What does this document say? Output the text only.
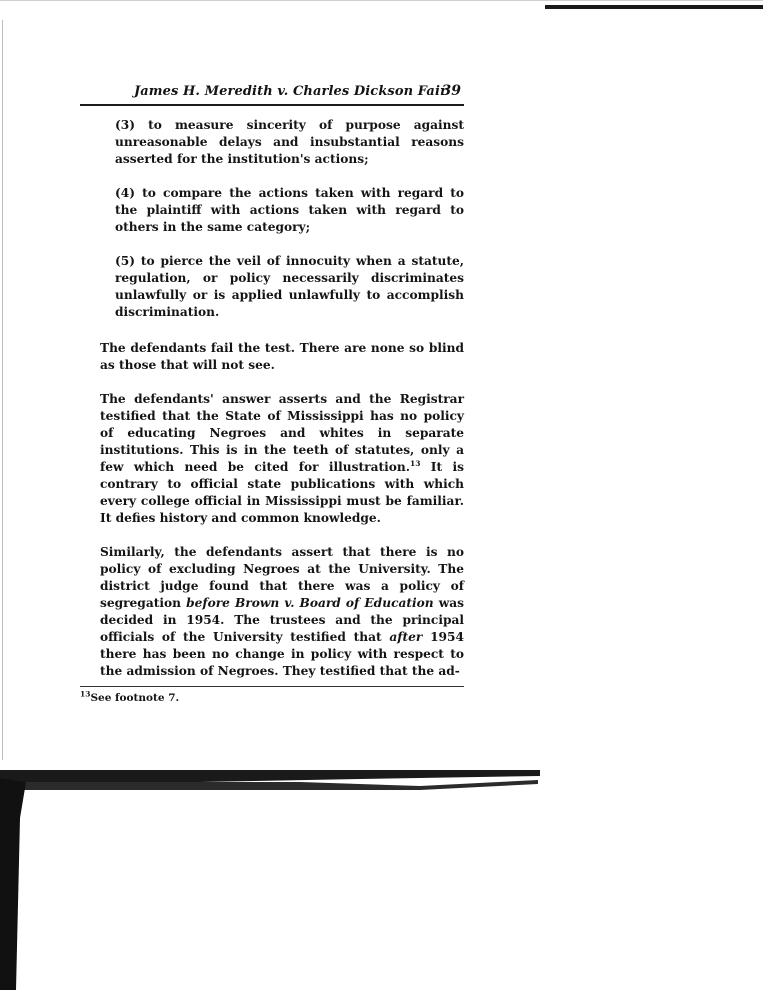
James H. Meredith v. Charles Dickson Fair
39
(3) to measure sincerity of purpose against unreasonable delays and insubstantial reasons asserted for the institution's actions;
(4) to compare the actions taken with regard to the plaintiff with actions taken with regard to others in the same category;
(5) to pierce the veil of innocuity when a statute, regulation, or policy necessarily discriminates unlawfully or is applied unlawfully to accomplish discrimination.
The defendants fail the test. There are none so blind as those that will not see.
The defendants' answer asserts and the Registrar testified that the State of Mississippi has no policy of educating Negroes and whites in separate institutions. This is in the teeth of statutes, only a few which need be cited for illustration.$^{13}$ It is contrary to official state publications with which every college official in Mississippi must be familiar. It defies history and common knowledge.
Similarly, the defendants assert that there is no policy of excluding Negroes at the University. The district judge found that there was a policy of segregation before Brown v. Board of Education was decided in 1954. The trustees and the principal officials of the University testified that after 1954 there has been no change in policy with respect to the admission of Negroes. They testified that the ad-
$^{13}$See footnote 7.
